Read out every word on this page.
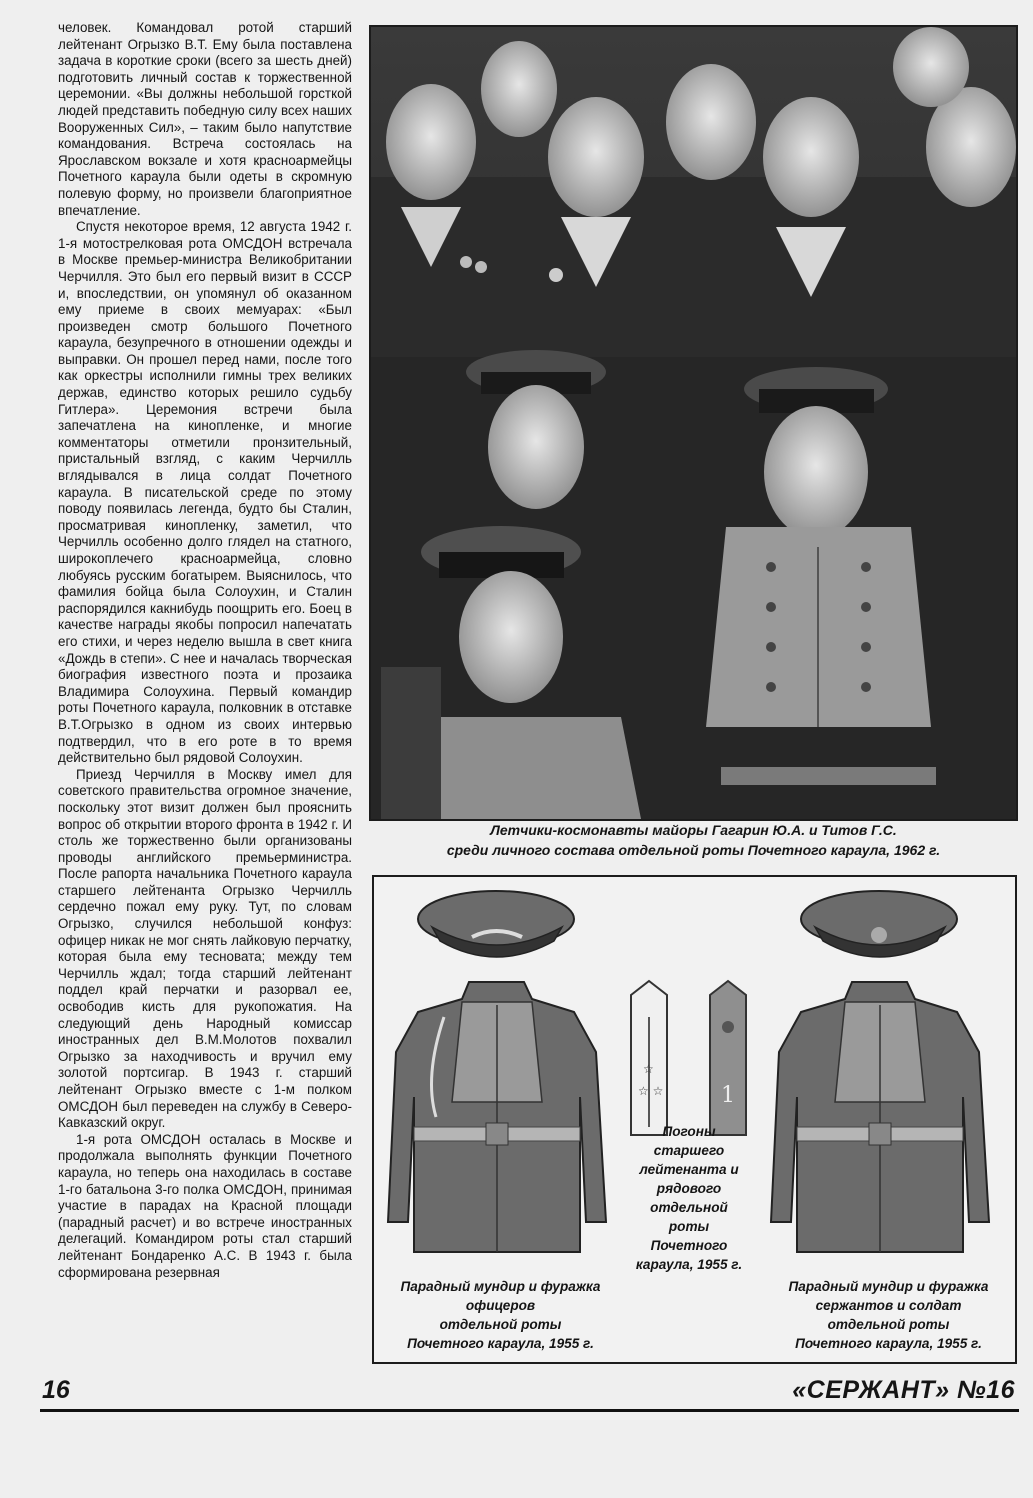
человек. Командовал ротой старший лейтенант Огрызко В.Т. Ему была поставлена задача в короткие сроки (всего за шесть дней) подготовить личный состав к торжественной церемонии. «Вы должны небольшой горсткой людей представить победную силу всех наших Вооруженных Сил», – таким было напутствие командования. Встреча состоялась на Ярославском вокзале и хотя красноармейцы Почетного караула были одеты в скромную полевую форму, но произвели благоприятное впечатление.

Спустя некоторое время, 12 августа 1942 г. 1-я мотострелковая рота ОМСДОН встречала в Москве премьер-министра Великобритании Черчилля. Это был его первый визит в СССР и, впоследствии, он упомянул об оказанном ему приеме в своих мемуарах: «Был произведен смотр большого Почетного караула, безупречного в отношении одежды и выправки. Он прошел перед нами, после того как оркестры исполнили гимны трех великих держав, единство которых решило судьбу Гитлера». Церемония встречи была запечатлена на кинопленке, и многие комментаторы отметили пронзительный, пристальный взгляд, с каким Черчилль вглядывался в лица солдат Почетного караула. В писательской среде по этому поводу появилась легенда, будто бы Сталин, просматривая кинопленку, заметил, что Черчилль особенно долго глядел на статного, широкоплечего красноармейца, словно любуясь русским богатырем. Выяснилось, что фамилия бойца была Солоухин, и Сталин распорядился какнибудь поощрить его. Боец в качестве награды якобы попросил напечатать его стихи, и через неделю вышла в свет книга «Дождь в степи». С нее и началась творческая биография известного поэта и прозаика Владимира Солоухина. Первый командир роты Почетного караула, полковник в отставке В.Т.Огрызко в одном из своих интервью подтвердил, что в его роте в то время действительно был рядовой Солоухин.

Приезд Черчилля в Москву имел для советского правительства огромное значение, поскольку этот визит должен был прояснить вопрос об открытии второго фронта в 1942 г. И столь же торжественно были организованы проводы английского премьерминистра. После рапорта начальника Почетного караула старшего лейтенанта Огрызко Черчилль сердечно пожал ему руку. Тут, по словам Огрызко, случился небольшой конфуз: офицер никак не мог снять лайковую перчатку, которая была ему тесновата; между тем Черчилль ждал; тогда старший лейтенант поддел край перчатки и разорвал ее, освободив кисть для рукопожатия. На следующий день Народный комиссар иностранных дел В.М.Молотов похвалил Огрызко за находчивость и вручил ему золотой портсигар. В 1943 г. старший лейтенант Огрызко вместе с 1-м полком ОМСДОН был переведен на службу в Северо-Кавказский округ.

1-я рота ОМСДОН осталась в Москве и продолжала выполнять функции Почетного караула, но теперь она находилась в составе 1-го батальона 3-го полка ОМСДОН, принимая участие в парадах на Красной площади (парадный расчет) и во встрече иностранных делегаций. Командиром роты стал старший лейтенант Бондаренко А.С. В 1943 г. была сформирована резервная

Летчики-космонавты майоры Гагарин Ю.А. и Титов Г.С.
среди личного состава отдельной роты Почетного караула, 1962 г.
☆ ☆
☆
1
Парадный мундир и фуражка
офицеров
отдельной роты
Почетного караула, 1955 г.
Погоны
старшего
лейтенанта и
рядового
отдельной
роты
Почетного
караула, 1955 г.
Парадный мундир и фуражка
сержантов и солдат
отдельной роты
Почетного караула, 1955 г.
16	«СЕРЖАНТ» №16
